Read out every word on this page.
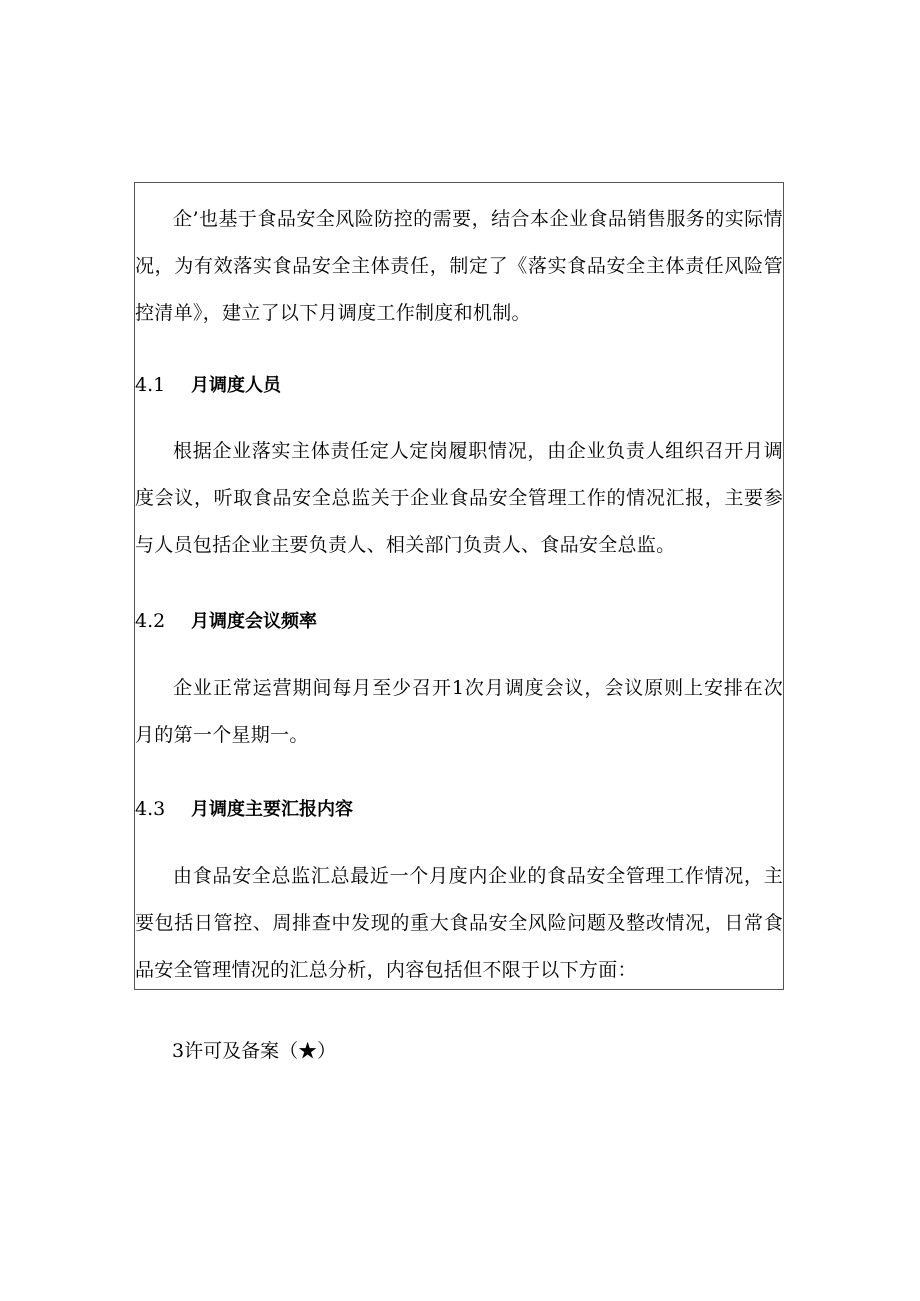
企’也基于食品安全风险防控的需要，结合本企业食品销售服务的实际情况，为有效落实食品安全主体责任，制定了《落实食品安全主体责任风险管控清单》，建立了以下月调度工作制度和机制。

4.1 月调度人员

根据企业落实主体责任定人定岗履职情况，由企业负责人组织召开月调度会议，听取食品安全总监关于企业食品安全管理工作的情况汇报，主要参与人员包括企业主要负责人、相关部门负责人、食品安全总监。

4.2 月调度会议频率

企业正常运营期间每月至少召开1次月调度会议，会议原则上安排在次月的第一个星期一。

4.3 月调度主要汇报内容

由食品安全总监汇总最近一个月度内企业的食品安全管理工作情况，主要包括日管控、周排查中发现的重大食品安全风险问题及整改情况，日常食品安全管理情况的汇总分析，内容包括但不限于以下方面：

3许可及备案（★）
